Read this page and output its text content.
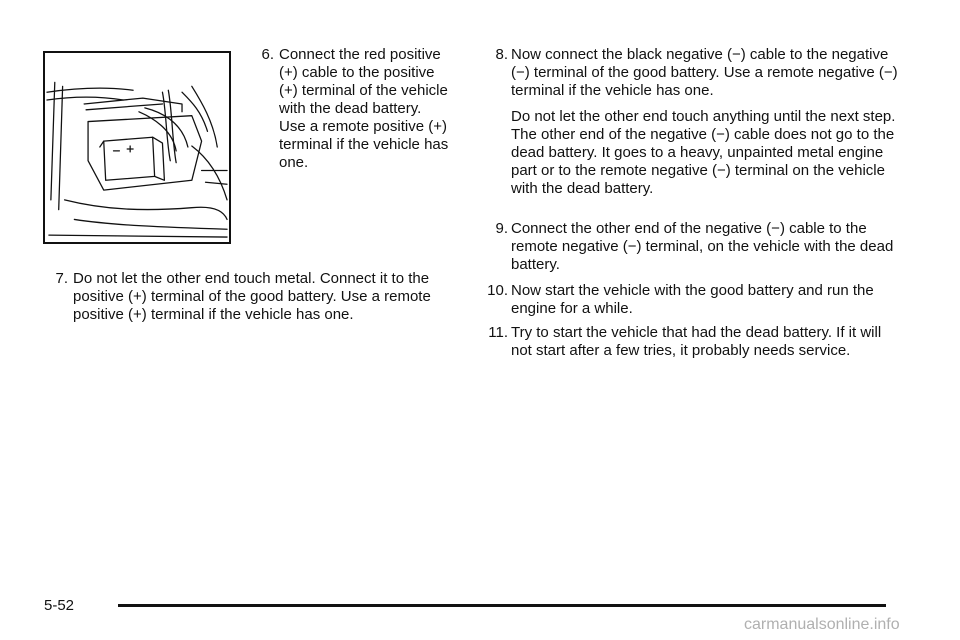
6. Connect the red positive (+) cable to the positive (+) terminal of the vehicle with the dead battery. Use a remote positive (+) terminal if the vehicle has one.
7. Do not let the other end touch metal. Connect it to the positive (+) terminal of the good battery. Use a remote positive (+) terminal if the vehicle has one.
8. Now connect the black negative (−) cable to the negative (−) terminal of the good battery. Use a remote negative (−) terminal if the vehicle has one.
Do not let the other end touch anything until the next step. The other end of the negative (−) cable does not go to the dead battery. It goes to a heavy, unpainted metal engine part or to the remote negative (−) terminal on the vehicle with the dead battery.
9. Connect the other end of the negative (−) cable to the remote negative (−) terminal, on the vehicle with the dead battery.
10. Now start the vehicle with the good battery and run the engine for a while.
11. Try to start the vehicle that had the dead battery. If it will not start after a few tries, it probably needs service.
5-52
carmanualsonline.info
